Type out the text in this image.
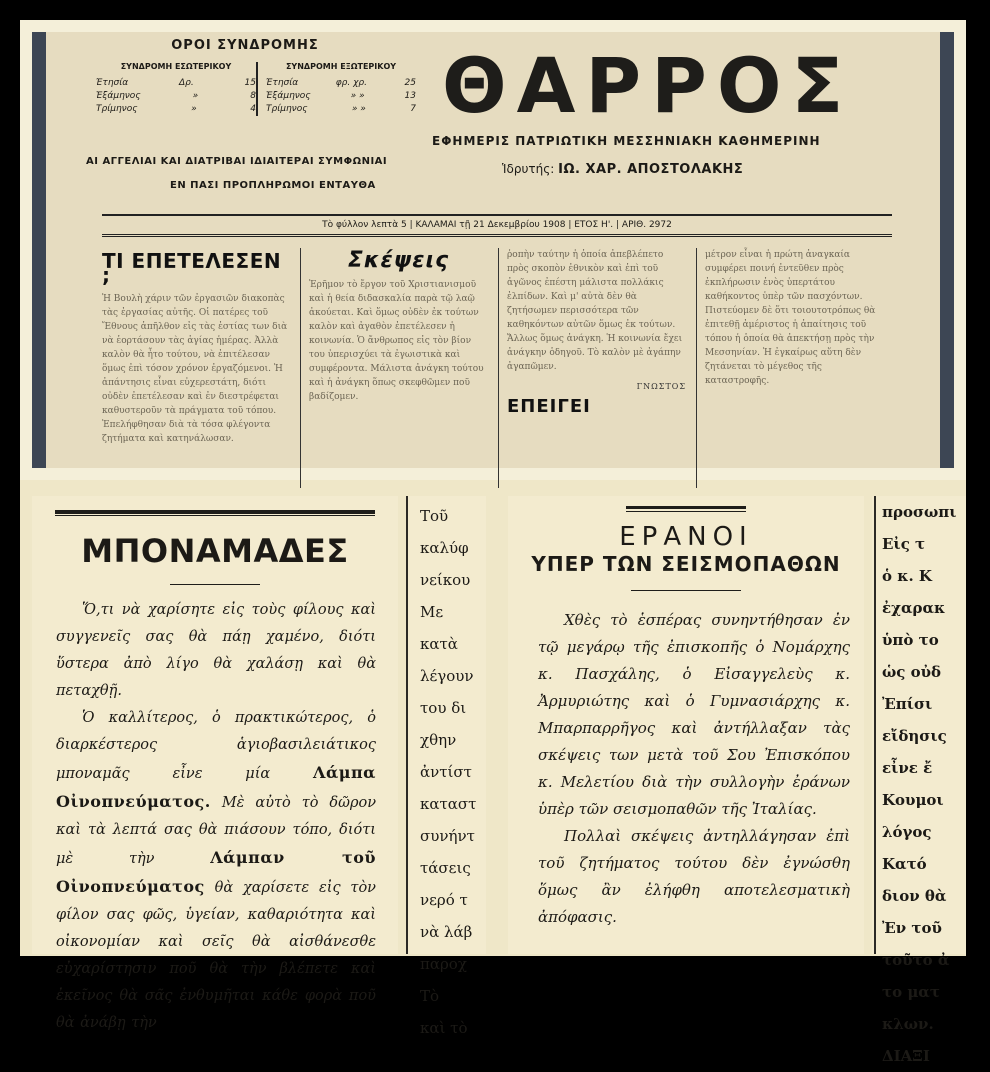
ΟΡΟΙ ΣΥΝΔΡΟΜΗΣ
ΣΥΝΔΡΟΜΗ ΕΣΩΤΕΡΙΚΟΥ
Ἐτησία	Δρ.	15
Ἑξάμηνος	»	8
Τρίμηνος	»	4
ΣΥΝΔΡΟΜΗ ΕΞΩΤΕΡΙΚΟΥ
Ἐτησία	φρ. χρ.	25
Ἑξάμηνος	» »	13
Τρίμηνος	» »	7
ΑΙ ΑΓΓΕΛΙΑΙ ΚΑΙ ΔΙΑΤΡΙΒΑΙ ΙΔΙΑΙΤΕΡΑΙ ΣΥΜΦΩΝΙΑΙ
ΕΝ ΠΑΣΙ ΠΡΟΠΛΗΡΩΜΟΙ ΕΝΤΑΥΘΑ
ΘΑΡΡΟΣ
ΕΦΗΜΕΡΙΣ ΠΑΤΡΙΩΤΙΚΗ ΜΕΣΣΗΝΙΑΚΗ ΚΑΘΗΜΕΡΙΝΗ
Ἱδρυτής: ΙΩ. ΧΑΡ. ΑΠΟΣΤΟΛΑΚΗΣ
Τὸ φύλλον λεπτὰ 5 | ΚΑΛΑΜΑΙ τῇ 21 Δεκεμβρίου 1908 | ΕΤΟΣ Η'. | ΑΡΙΘ. 2972
ΤΙ ΕΠΕΤΕΛΕΣΕΝ ;
Ἡ Βουλὴ χάριν τῶν ἐργασιῶν διακοπὰς τὰς ἐργασίας αὐτῆς. Οἱ πατέρες τοῦ Ἔθνους ἀπῆλθον εἰς τὰς ἑστίας των διὰ νὰ ἑορτάσουν τὰς ἁγίας ἡμέρας. Ἀλλὰ καλὸν θὰ ἦτο τούτου, νὰ ἐπιτέλεσαν ὅμως ἐπὶ τόσον χρόνον ἐργαζόμενοι. Ἡ ἀπάντησις εἶναι εὐχερεστάτη, διότι οὐδὲν ἐπετέλεσαν καὶ ἐν διεστρέφεται καθυστεροῦν τὰ πράγματα τοῦ τόπου. Ἐπελήφθησαν διὰ τὰ τόσα φλέγοντα ζητήματα καὶ κατηνάλωσαν.
Σκέψεις
Ἐρῆμον τὸ ἔργον τοῦ Χριστιανισμοῦ καὶ ἡ θεία διδασκαλία παρὰ τῷ λαῷ ἀκούεται. Καὶ ὅμως οὐδὲν ἐκ τούτων καλὸν καὶ ἀγαθὸν ἐπετέλεσεν ἡ κοινωνία. Ὁ ἄνθρωπος εἰς τὸν βίον του ὑπερισχύει τὰ ἐγωιστικὰ καὶ συμφέροντα. Μάλιστα ἀνάγκη τούτου καὶ ἡ ἀνάγκη ὅπως σκεφθῶμεν ποῦ βαδίζομεν.
ῥοπὴν ταύτην ἡ ὁποία ἀπεβλέπετο πρὸς σκοπὸν ἐθνικὸν καὶ ἐπὶ τοῦ ἀγῶνος ἐπέστη μάλιστα πολλάκις ἐλπίδων. Καὶ μ' αὐτὰ δὲν θὰ ζητήσωμεν περισσότερα τῶν καθηκόντων αὐτῶν ὅμως ἐκ τούτων. Ἄλλως ὅμως ἀνάγκη. Ἡ κοινωνία ἔχει ἀνάγκην ὁδηγοῦ. Τὸ καλὸν μὲ ἀγάπην ἀγαπῶμεν.
ΓΝΩΣΤΟΣ
ΕΠΕΙΓΕΙ
μέτρον εἶναι ἡ πρώτη ἀναγκαία συμφέρει ποινή ἐντεῦθεν πρὸς ἐκπλήρωσιν ἑνὸς ὑπερτάτου καθήκοντος ὑπὲρ τῶν πασχόντων. Πιστεύομεν δὲ ὅτι τοιουτοτρόπως θὰ ἐπιτεθῇ ἀμέριστος ἡ ἀπαίτησις τοῦ τόπου ἡ ὁποία θὰ ἀπεκτήσῃ πρὸς τὴν Μεσσηνίαν. Ἡ ἐγκαίρως αὕτη δὲν ζητάνεται τὸ μέγεθος τῆς καταστροφῆς.
ΜΠΟΝΑΜΑΔΕΣ

Ὅ,τι νὰ χαρίσητε εἰς τοὺς φίλους καὶ συγγενεῖς σας θὰ πάῃ χαμένο, διότι ὕστερα ἀπὸ λίγο θὰ χαλάσῃ καὶ θὰ πεταχθῇ.

Ὁ καλλίτερος, ὁ πρακτικώτερος, ὁ διαρκέστερος ἁγιοβασιλειάτικος μποναμᾶς εἶνε μία	Λάμπα Οἰνοπνεύματος. Μὲ αὐτὸ τὸ δῶρον καὶ τὰ λεπτά σας θὰ πιάσουν τόπο, διότι μὲ τὴν	Λάμπαν τοῦ Οἰνοπνεύματος θὰ χαρίσετε εἰς τὸν φίλον σας φῶς, ὑγείαν, καθαριότητα καὶ οἰκονομίαν καὶ σεῖς θὰ αἰσθάνεσθε εὐχαρίστησιν ποῦ θὰ τὴν βλέπετε καὶ ἐκεῖνος θὰ σᾶς ἐνθυμῆται κάθε φορὰ ποῦ θὰ ἀνάβῃ τὴν

Τοῦ
καλύφ
νείκου
Με
κατὰ
λέγουν
του δι
χθην
ἀντίστ
καταστ
συνήντ
τάσεις
νερό τ
νὰ λάβ
παροχ
Τὸ
καὶ τὸ
ΕΡΑΝΟΙ
ΥΠΕΡ ΤΩΝ ΣΕΙΣΜΟΠΑΘΩΝ

Χθὲς τὸ ἑσπέρας συνηντήθησαν ἐν τῷ μεγάρῳ τῆς ἐπισκοπῆς ὁ Νομάρχης κ. Πασχάλης, ὁ Εἰσαγγελεὺς κ. Ἀρμυριώτης καὶ ὁ Γυμνασιάρχης κ. Μπαρπαρρῆγος καὶ ἀντήλλαξαν τὰς σκέψεις των μετὰ τοῦ Σου Ἐπισκόπου κ. Μελετίου διὰ τὴν συλλογὴν ἐράνων ὑπὲρ τῶν σεισμοπαθῶν τῆς Ἰταλίας.

Πολλαὶ σκέψεις ἀντηλλάγησαν ἐπὶ τοῦ ζητήματος τούτου δὲν ἐγνώσθη ὅμως ἂν ἐλήφθη αποτελεσματικὴ ἀπόφασις.

προσωπι
Εἰς τ
ὁ κ. Κ
ἐχαρακ
ὑπὸ το
ὡς οὐδ
Ἐπίσι
εἴδησις
εἶνε ἔ
Κουμοι
λόγος
Κατό
διον θὰ
Ἐν τοῦ
τοῦτο ἀ
το ματ
κλων.
ΔΙΑΞΙ
